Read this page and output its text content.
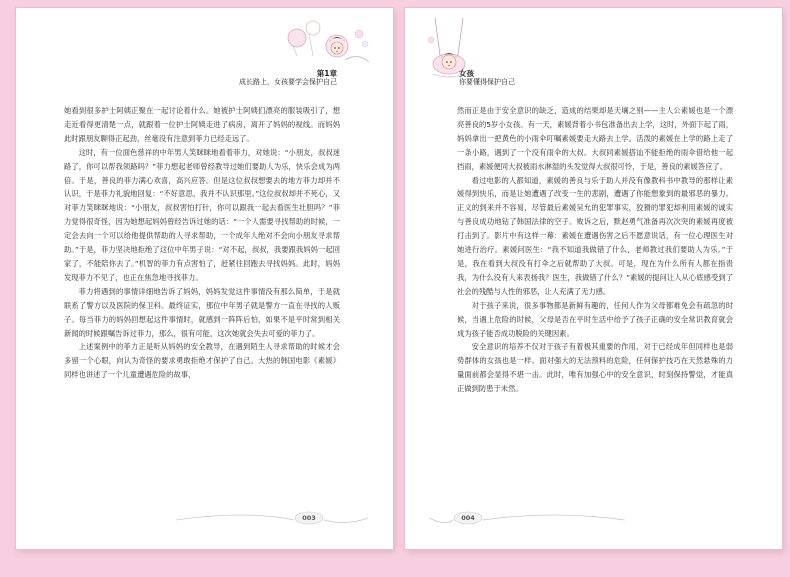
第1章
成长路上，女孩要学会保护自己

她看到很多护士阿姨正聚在一起讨论着什么。她被护士阿姨们漂亮的服装吸引了，想走近看得更清楚一点，就跟着一位护士阿姨走进了病房，离开了妈妈的视线。而妈妈此时跟朋友聊得正起劲，丝毫没有注意到菲力已经走远了。

这时，有一位面色慈祥的中年男人笑眯眯地看着菲力，对她说：“小朋友，叔叔迷路了，你可以帮我领路吗？”菲力想起老师曾经教导过她们要助人为乐，快乐会成为两倍。于是，善良的菲力满心欢喜，高兴应答。但是这位叔叔想要去的地方菲力却并不认识，于是菲力礼貌地回复：“不好意思，我并不认识那里。”这位叔叔却并不死心，又对菲力笑眯眯地说：“小朋友，叔叔害怕打针，你可以跟我一起去看医生壮胆吗？”菲力觉得很奇怪，因为她想起妈妈曾经告诉过她的话：“一个人需要寻找帮助的时候，一定会去向一个可以给他提供帮助的人寻求帮助，一个成年人绝对不会向小朋友寻求帮助。”于是，菲力坚决地拒绝了这位中年男子说：“对不起，叔叔，我要跟我妈妈一起回家了，不能陪你去了。”机智的菲力有点害怕了，赶紧往回跑去寻找妈妈。此时，妈妈发现菲力不见了，也正在焦急地寻找菲力。

菲力将遇到的事情详细地告诉了妈妈，妈妈发觉这件事情没有那么简单，于是就联系了警方以及医院的保卫科。最终证实，那位中年男子就是警方一直在寻找的人贩子。每当菲力的妈妈回想起这件事情时，就感到一阵阵后怕，如果不是平时常到相关新闻的时候跟嘱告诉过菲力，那么，很有可能，这次她就会失去可爱的菲力了。

上述案例中的菲力正是听从妈妈的安全教导，在遇到陌生人寻求帮助的时候才会多留一个心眼，向认为奇怪的要求勇敢拒绝才保护了自己。大热的韩国电影《素媛》同样也讲述了一个儿童遭遇危险的故事，

003
女孩
你要懂得保护自己

然而正是由于安全意识的缺乏，造成的结果却是天壤之别——主人公素媛也是一个漂亮善良的5岁小女孩。有一天，素媛背着小书包准备出去上学，这时，外面下起了雨，妈妈拿出一把黄色的小雨伞叮嘱素媛要走大路去上学。活泼的素媛在上学的路上走了一条小路，遇到了一个没有雨伞的大叔。大叔同素媛搭讪不能拒绝的雨伞借给他一起挡雨，素媛便同大叔被雨水淋湿的头发觉得大叔很可怜，于是，善良的素媛答应了。

看过电影的人都知道，素媛的善良与乐于助人并没有像教科书中教导的那样让素媛得到快乐，而是让她遭遇了改变一生的悲剧，遭遇了你能想象到的最邪恶的暴力。正义的到来并不容易，尽管最后素媛吴允的犯罪事实，狡猾的罪犯却利用素媛的诚实与善良成功地钻了韩国法律的空子。败诉之后，默赵勇气准备再次次突的素媛再度被打击到了。影片中有这样一幕：素媛在遭遇伤害之后不愿意说话，有一位心理医生对她进行治疗。素媛问医生：“我不知道我做错了什么，老师教过我们要助人为乐。”于是，我在看到大叔没有打伞之后就帮助了大叔。可是，现在为什么所有人都在指责我，为什么没有人来表扬我？医生，我做错了什么？”素媛的提问让人从心底感受到了社会的残酷与人性的邪恶，让人充满了无力感。

对于孩子来说，很多事物都是新鲜有趣的，任何人作为父母都难免会有疏忽的时候，当遇上危险的时候，父母是否在平时生活中给予了孩子正确的安全常识教育就会成为孩子能否成功脱险的关键因素。

安全意识的培养不仅对于孩子有着极其重要的作用，对于已经成年但同样也是弱势群体的女孩也是一样。面对强大的无法预料的危险，任何保护技巧在天然悬殊的力量面前都会显得不堪一击。此时，唯有加强心中的安全意识，时刻保持警觉，才能真正做到防患于未然。

004
